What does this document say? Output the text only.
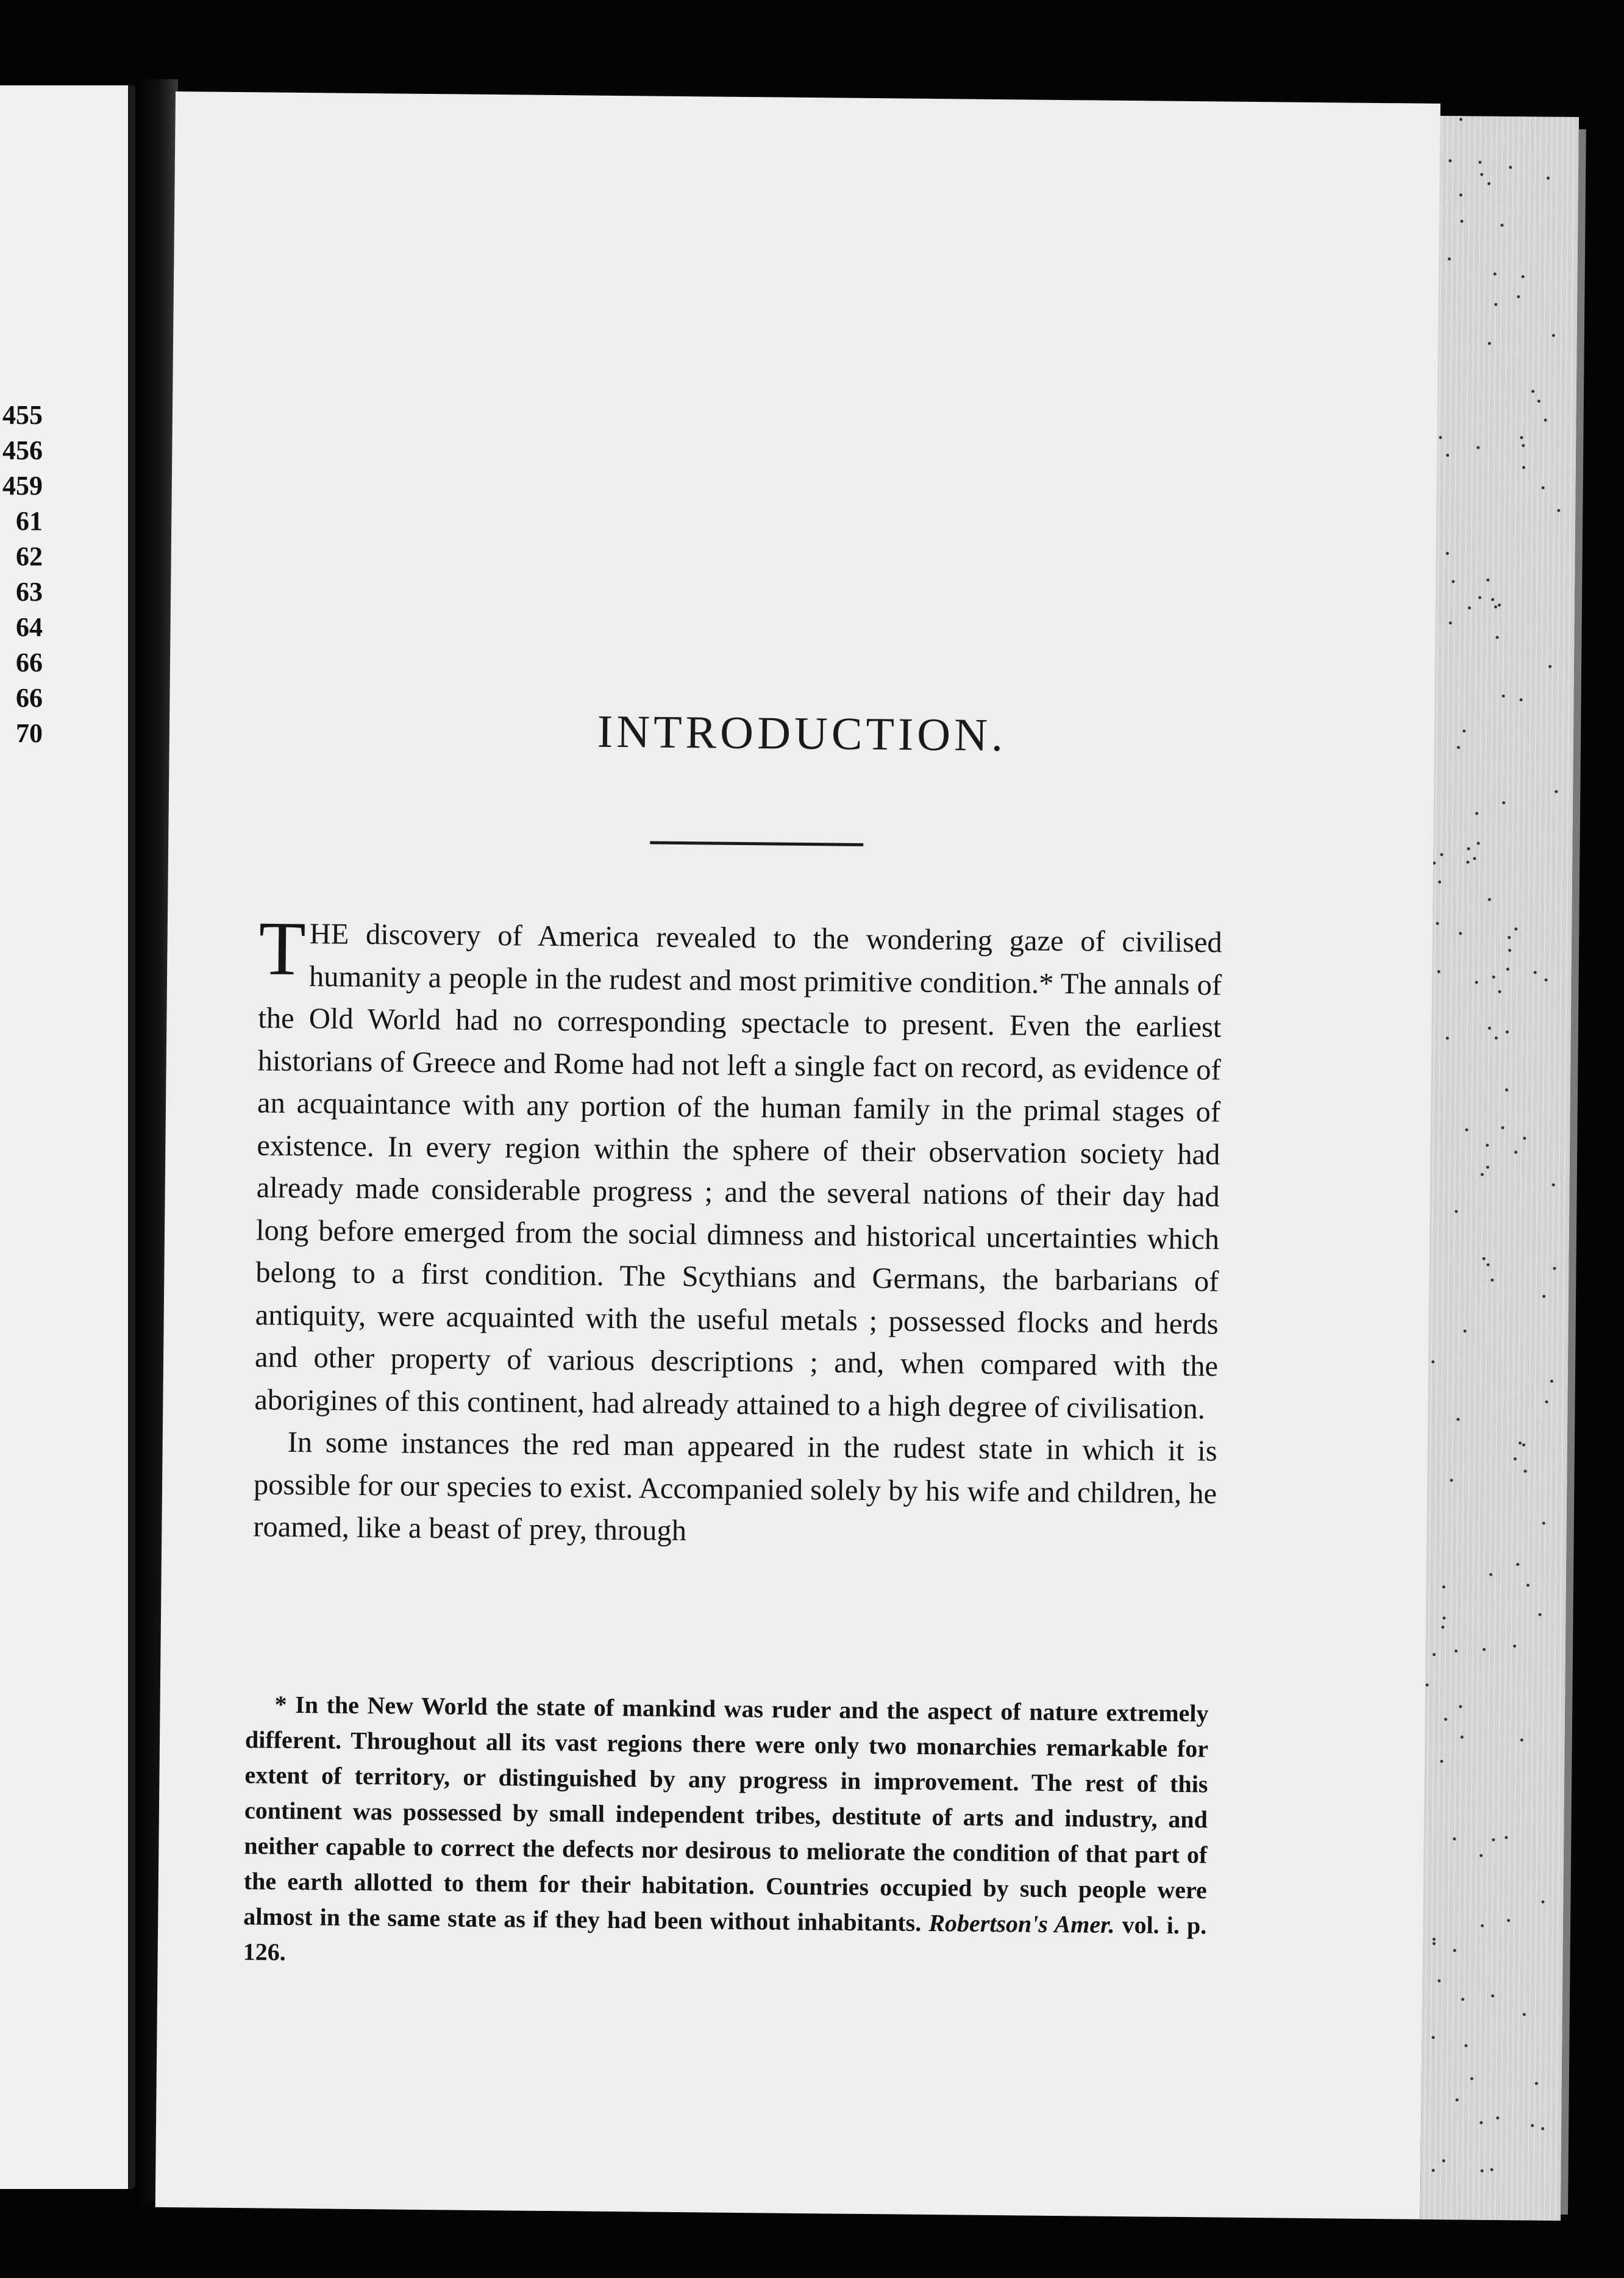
455
456
459
61
62
63
64
66
66
70	INTRODUCTION.

THE discovery of America revealed to the wondering gaze of civilised humanity a people in the rudest and most primitive condition.* The annals of the Old World had no corresponding spectacle to present. Even the earliest historians of Greece and Rome had not left a single fact on record, as evidence of an acquaintance with any portion of the human family in the primal stages of existence. In every region within the sphere of their observation society had already made considerable progress ; and the several nations of their day had long before emerged from the social dimness and historical uncertainties which belong to a first condition. The Scythians and Germans, the barbarians of antiquity, were acquainted with the useful metals ; possessed flocks and herds and other property of various descriptions ; and, when compared with the aborigines of this continent, had already attained to a high degree of civilisation.

In some instances the red man appeared in the rudest state in which it is possible for our species to exist. Accompanied solely by his wife and children, he roamed, like a beast of prey, through

* In the New World the state of mankind was ruder and the aspect of nature extremely different. Throughout all its vast regions there were only two monarchies remarkable for extent of territory, or distinguished by any progress in improvement. The rest of this continent was possessed by small independent tribes, destitute of arts and industry, and neither capable to correct the defects nor desirous to meliorate the condition of that part of the earth allotted to them for their habitation. Countries occupied by such people were almost in the same state as if they had been without inhabitants. Robertson's Amer. vol. i. p. 126.
